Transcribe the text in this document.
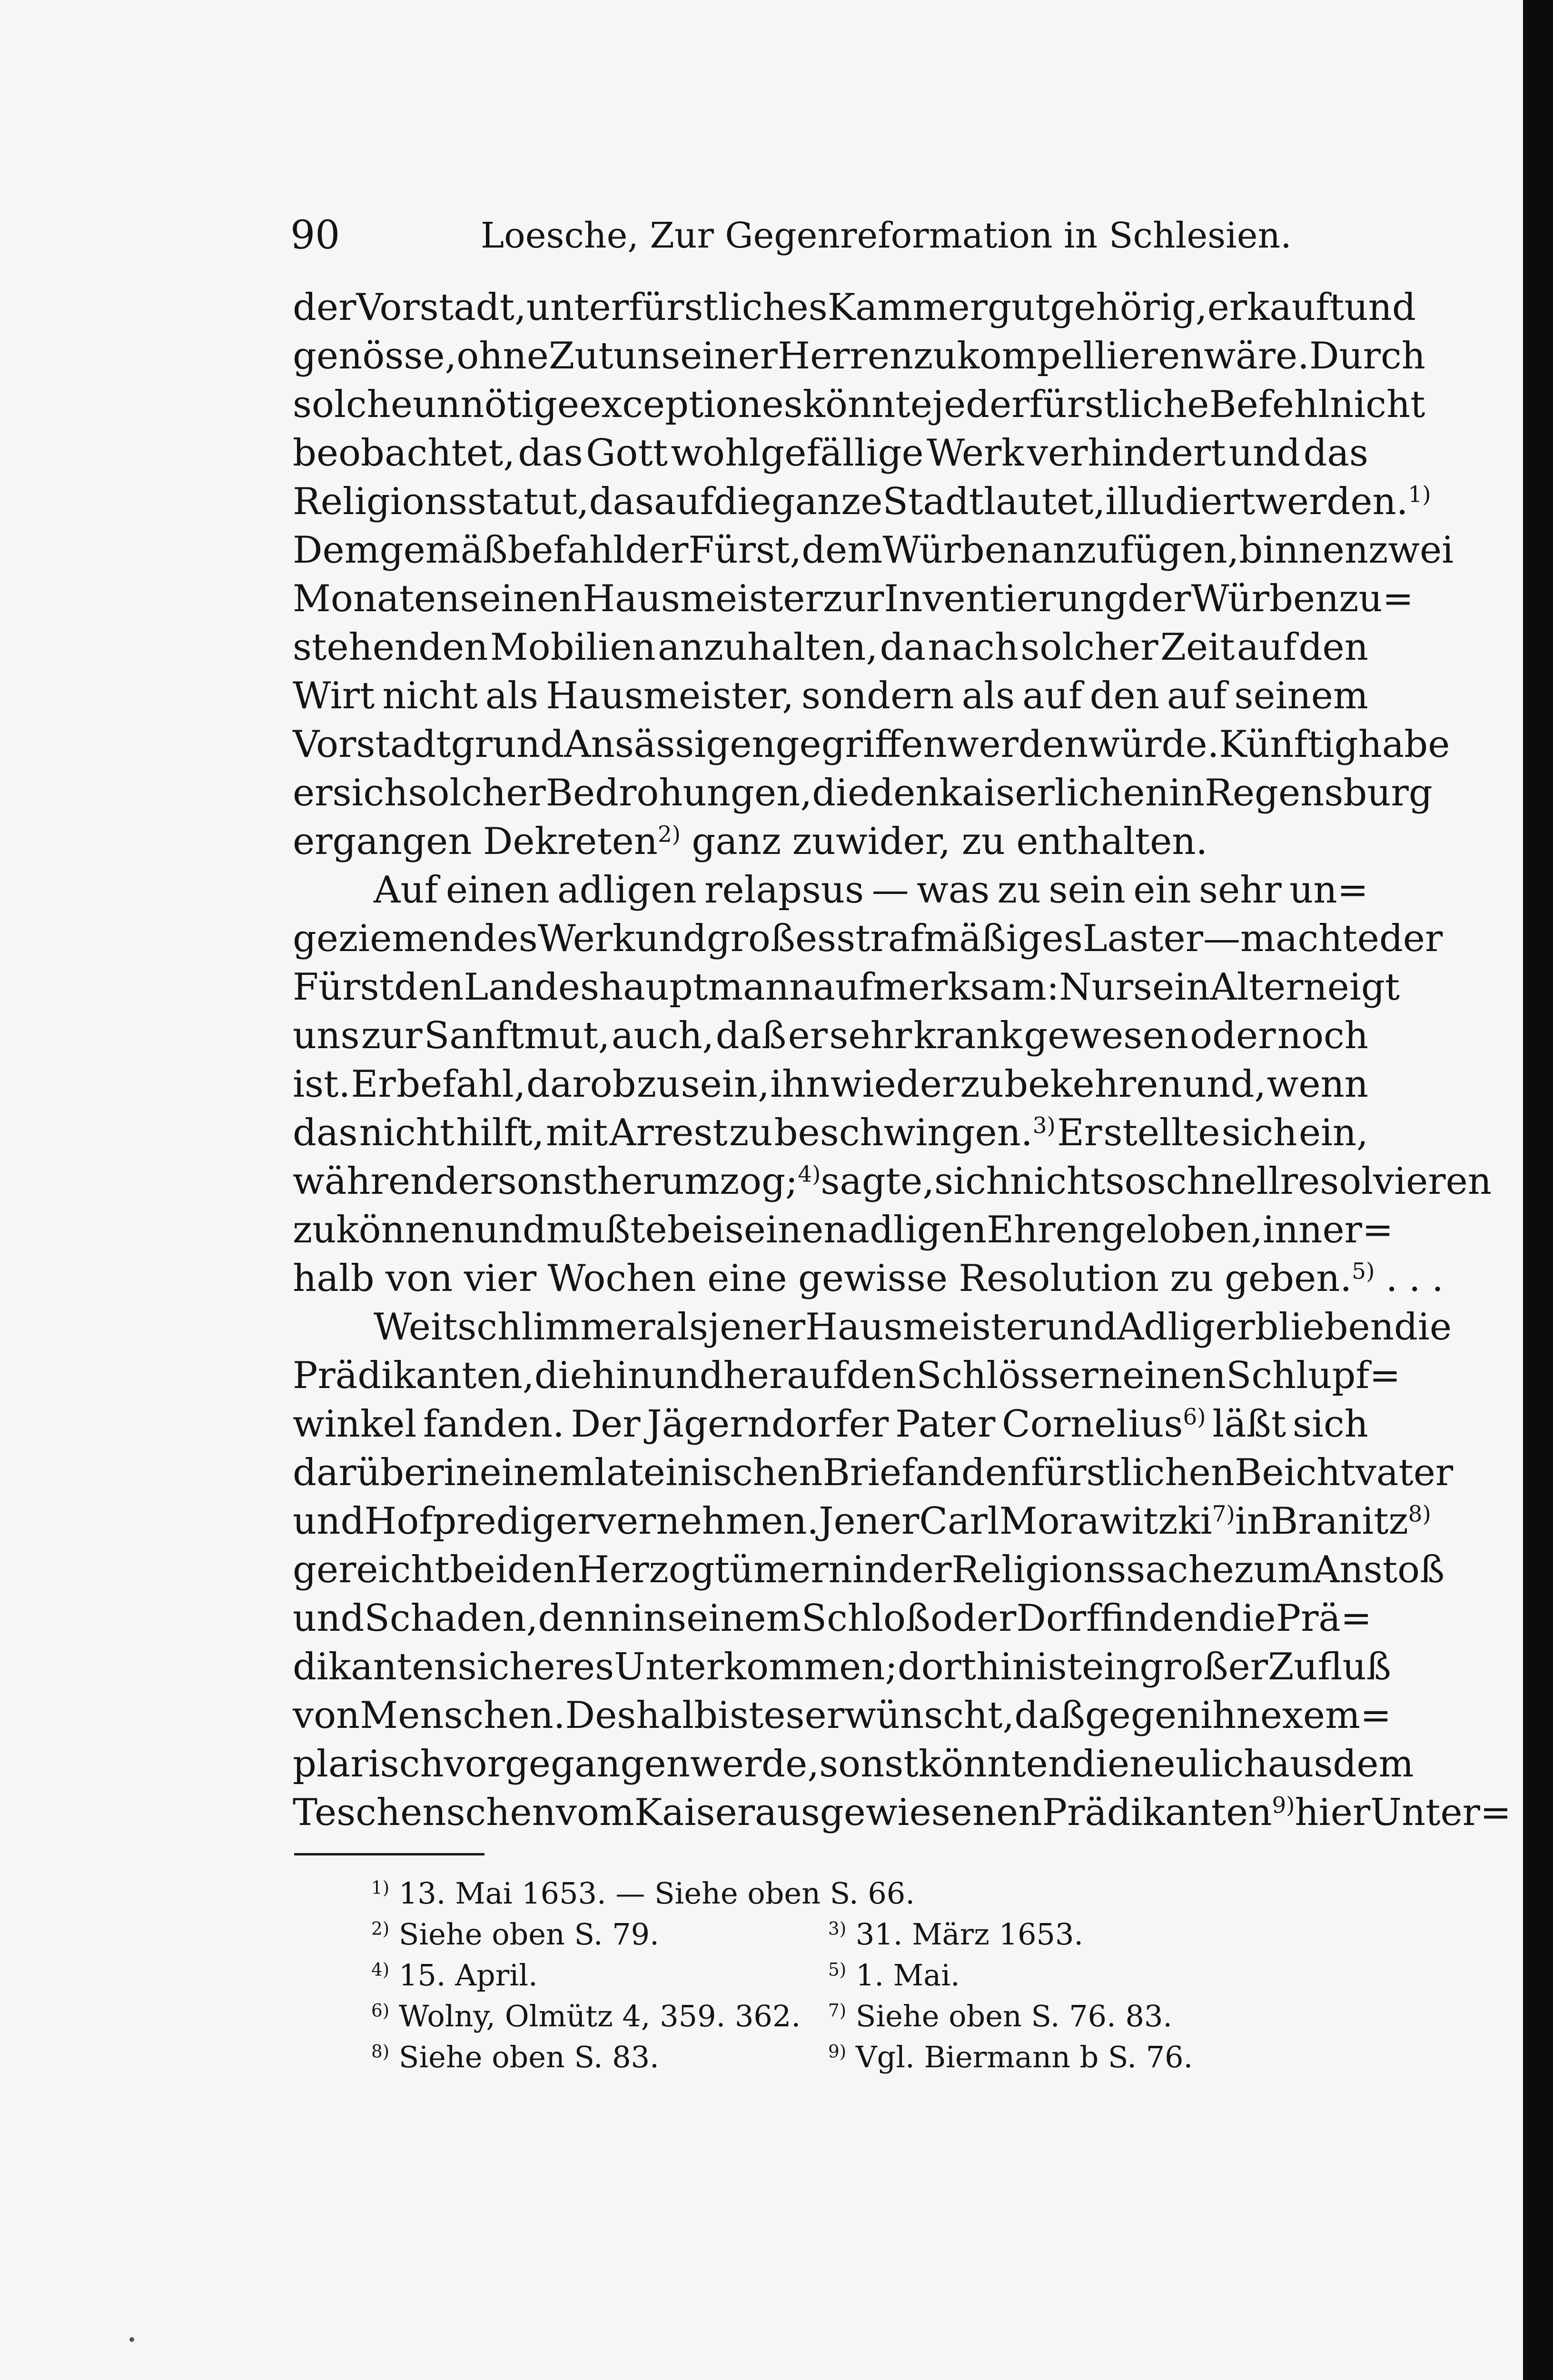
90	Loesche, Zur Gegenreformation in Schlesien.
der Vorstadt, unter fürstliches Kammergut gehörig, erkauft und
genösse, ohne Zutun seiner Herren zu kompellieren wäre. Durch
solche unnötige exceptiones könnte jeder fürstliche Befehl nicht
beobachtet, das Gott wohlgefällige Werk verhindert und das
Religionsstatut, das auf die ganze Stadt lautet, illudiert werden.$^{1)}$
Demgemäß befahl der Fürst, dem Würben anzufügen, binnen zwei
Monaten seinen Hausmeister zur Inventierung der Würben zu=
stehenden Mobilien anzuhalten, da nach solcher Zeit auf den
Wirt nicht als Hausmeister, sondern als auf den auf seinem
Vorstadtgrund Ansässigen gegriffen werden würde. Künftig habe
er sich solcher Bedrohungen, die den kaiserlichen in Regensburg
ergangen Dekreten$^{2)}$ ganz zuwider, zu enthalten.
Auf einen adligen relapsus — was zu sein ein sehr un=
geziemendes Werk und großes strafmäßiges Laster — machte der
Fürst den Landeshauptmann aufmerksam: Nur sein Alter neigt
uns zur Sanftmut, auch, daß er sehr krank gewesen oder noch
ist. Er befahl, darob zu sein, ihn wieder zu bekehren und, wenn
das nicht hilft, mit Arrest zu beschwingen.$^{3)}$ Er stellte sich ein,
während er sonst herumzog;$^{4)}$ sagte, sich nicht so schnell resolvieren
zu können und mußte bei seinen adligen Ehren geloben, inner=
halb von vier Wochen eine gewisse Resolution zu geben.$^{5)}$ . . .
Weit schlimmer als jener Hausmeister und Adliger blieben die
Prädikanten, die hin und her auf den Schlössern einen Schlupf=
winkel fanden. Der Jägerndorfer Pater Cornelius$^{6)}$ läßt sich
darüber in einem lateinischen Brief an den fürstlichen Beichtvater
und Hofprediger vernehmen. Jener Carl Morawitzki$^{7)}$ in Branitz$^{8)}$
gereicht beiden Herzogtümern in der Religionssache zum Anstoß
und Schaden, denn in seinem Schloß oder Dorf finden die Prä=
dikanten sicheres Unterkommen; dorthin ist ein großer Zufluß
von Menschen. Deshalb ist es erwünscht, daß gegen ihn exem=
plarisch vorgegangen werde, sonst könnten die neulich aus dem
Teschenschen vom Kaiser ausgewiesenen Prädikanten$^{9)}$ hier Unter=
$^{1)}$ 13. Mai 1653. — Siehe oben S. 66.
$^{2)}$ Siehe oben S. 79.	$^{3)}$ 31. März 1653.
$^{4)}$ 15. April.	$^{5)}$ 1. Mai.
$^{6)}$ Wolny, Olmütz 4, 359. 362.	$^{7)}$ Siehe oben S. 76. 83.
$^{8)}$ Siehe oben S. 83.	$^{9)}$ Vgl. Biermann b S. 76.
